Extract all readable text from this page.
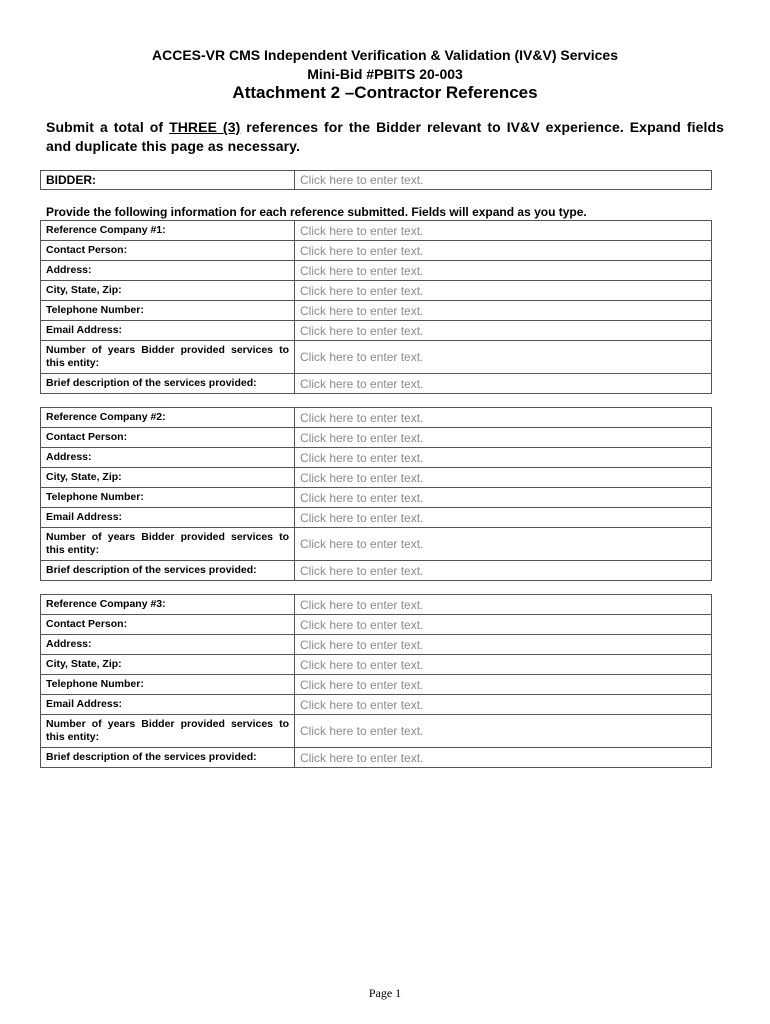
ACCES-VR CMS Independent Verification & Validation (IV&V) Services
Mini-Bid #PBITS 20-003
Attachment 2 –Contractor References
Submit a total of THREE (3) references for the Bidder relevant to IV&V experience. Expand fields and duplicate this page as necessary.
BIDDER:	Click here to enter text.
Provide the following information for each reference submitted. Fields will expand as you type.
Reference Company #1:	Click here to enter text.
Contact Person:	Click here to enter text.
Address:	Click here to enter text.
City, State, Zip:	Click here to enter text.
Telephone Number:	Click here to enter text.
Email Address:	Click here to enter text.
Number of years Bidder provided services to this entity:	Click here to enter text.
Brief description of the services provided:	Click here to enter text.
Reference Company #2:	Click here to enter text.
Contact Person:	Click here to enter text.
Address:	Click here to enter text.
City, State, Zip:	Click here to enter text.
Telephone Number:	Click here to enter text.
Email Address:	Click here to enter text.
Number of years Bidder provided services to this entity:	Click here to enter text.
Brief description of the services provided:	Click here to enter text.
Reference Company #3:	Click here to enter text.
Contact Person:	Click here to enter text.
Address:	Click here to enter text.
City, State, Zip:	Click here to enter text.
Telephone Number:	Click here to enter text.
Email Address:	Click here to enter text.
Number of years Bidder provided services to this entity:	Click here to enter text.
Brief description of the services provided:	Click here to enter text.
Page 1
